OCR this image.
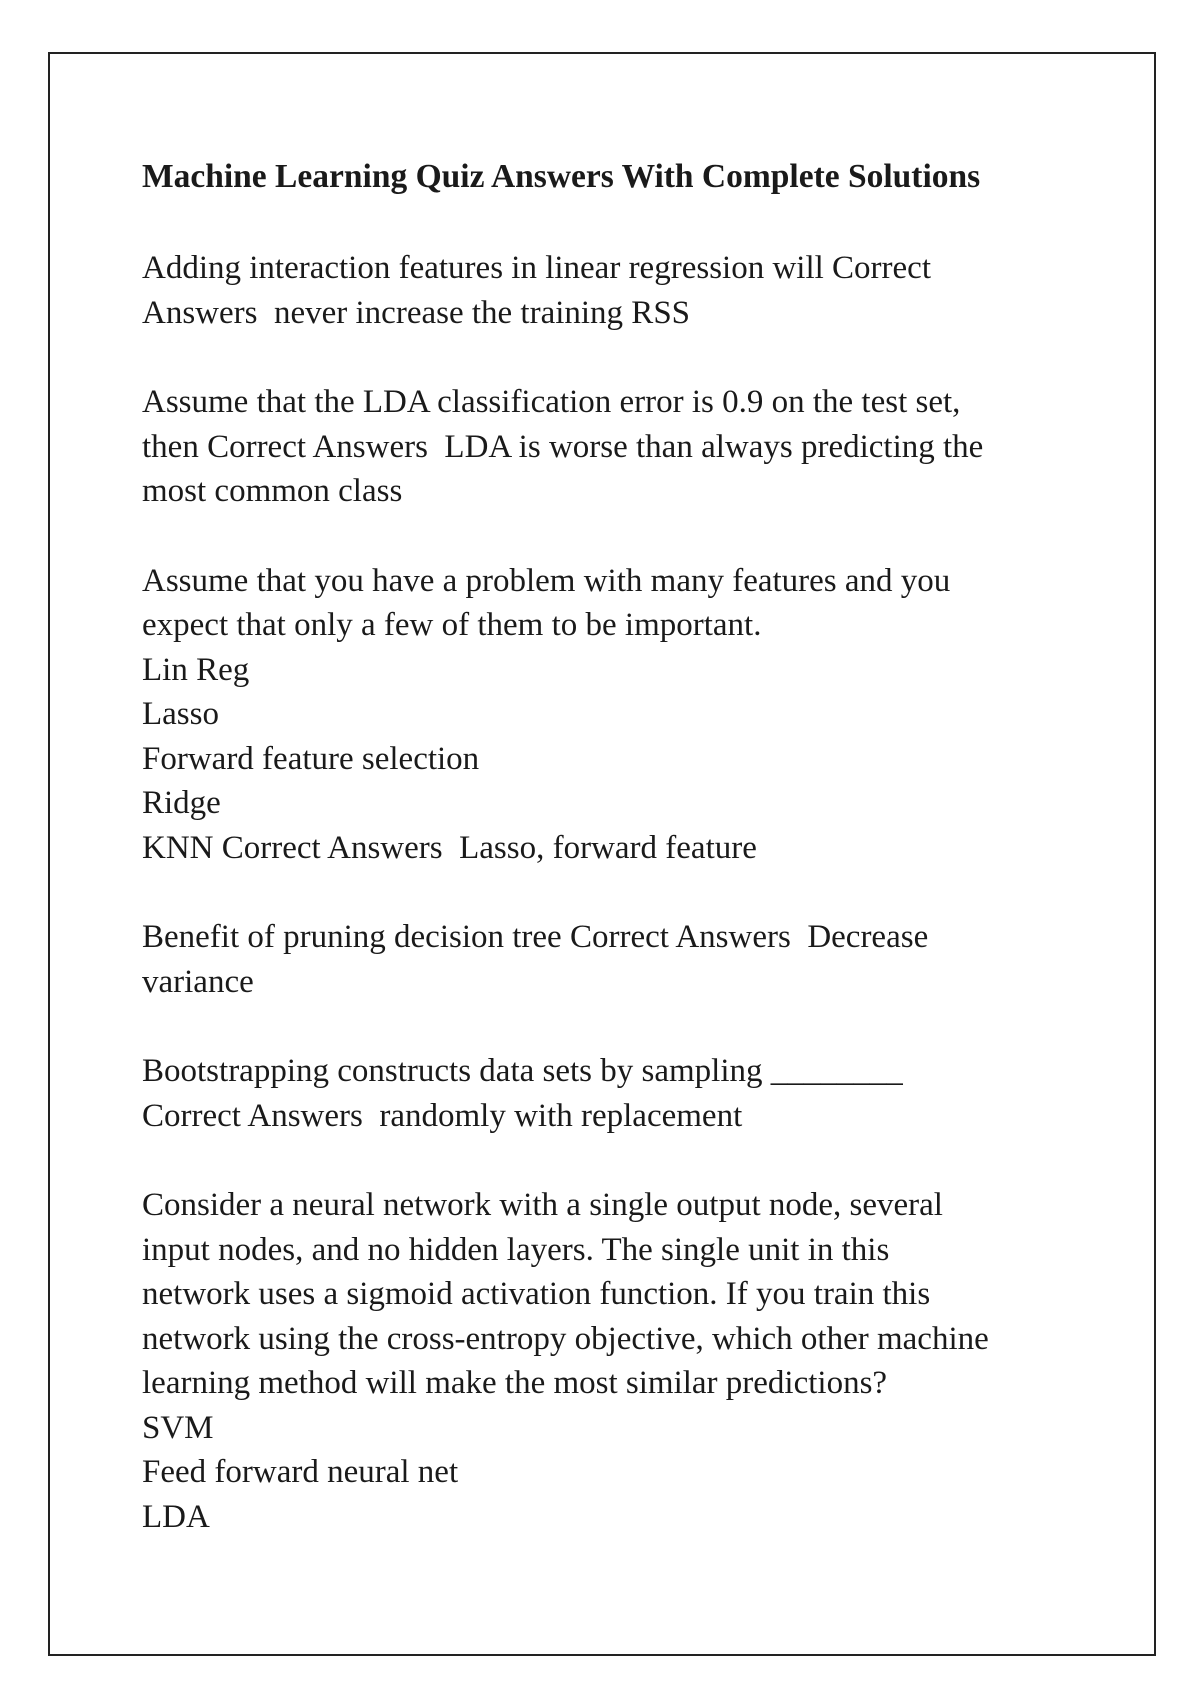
Machine Learning Quiz Answers With Complete Solutions
Adding interaction features in linear regression will Correct
Answers  never increase the training RSS
Assume that the LDA classification error is 0.9 on the test set,
then Correct Answers  LDA is worse than always predicting the
most common class
Assume that you have a problem with many features and you
expect that only a few of them to be important.
Lin Reg
Lasso
Forward feature selection
Ridge
KNN Correct Answers  Lasso, forward feature
Benefit of pruning decision tree Correct Answers  Decrease
variance
Bootstrapping constructs data sets by sampling ________
Correct Answers  randomly with replacement
Consider a neural network with a single output node, several
input nodes, and no hidden layers. The single unit in this
network uses a sigmoid activation function. If you train this
network using the cross-entropy objective, which other machine
learning method will make the most similar predictions?
SVM
Feed forward neural net
LDA
